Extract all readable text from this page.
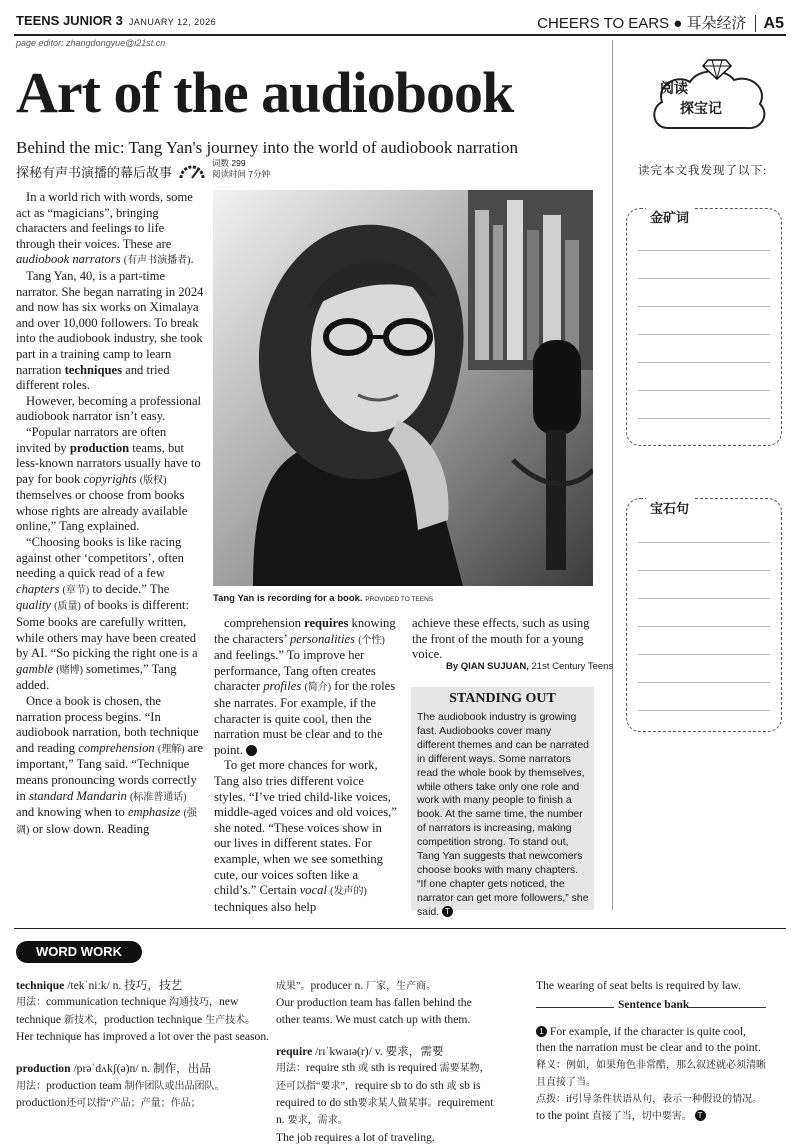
TEENS JUNIOR 3 JANUARY 12, 2026	CHEERS TO EARS ● 耳朵经济 A5
page editor: zhangdongyue@i21st.cn
Art of the audiobook
Behind the mic: Tang Yan's journey into the world of audiobook narration
探秘有声书演播的幕后故事
词数 299
阅读时间 7分钟

In a world rich with words, some act as “magicians”, bringing characters and feelings to life through their voices. These are audiobook narrators (有声书演播者).

Tang Yan, 40, is a part-time narrator. She began narrating in 2024 and now has six works on Ximalaya and over 10,000 followers. To break into the audiobook industry, she took part in a training camp to learn narration techniques and tried different roles.

However, becoming a professional audiobook narrator isn’t easy.

“Popular narrators are often invited by production teams, but less-known narrators usually have to pay for book copyrights (版权) themselves or choose from books whose rights are already available online,” Tang explained.

“Choosing books is like racing against other ‘competitors’, often needing a quick read of a few chapters (章节) to decide.” The quality (质量) of books is different: Some books are carefully written, while others may have been created by AI. “So picking the right one is a gamble (赌博) sometimes,” Tang added.

Once a book is chosen, the narration process begins. “In audiobook narration, both technique and reading comprehension (理解) are important,” Tang said. “Technique means pronouncing words correctly in standard Mandarin (标准普通话) and knowing when to emphasize (强调) or slow down. Reading

Tang Yan is recording for a book. PROVIDED TO TEENS

comprehension requires knowing the characters’ personalities (个性) and feelings.” To improve her performance, Tang often creates character profiles (简介) for the roles she narrates. For example, if the character is quite cool, then the narration must be clear and to the point. 1

To get more chances for work, Tang also tries different voice styles. “I’ve tried child-like voices, middle-aged voices and old voices,” she noted. “These voices show in our lives in different states. For example, when we see something cute, our voices soften like a child’s.” Certain vocal (发声的) techniques also help

achieve these effects, such as using the front of the mouth for a young voice.

By QIAN SUJUAN, 21st Century Teens
STANDING OUT
The audiobook industry is growing fast. Audiobooks cover many different themes and can be narrated in different ways. Some narrators read the whole book by themselves, while others take only one role and work with many people to finish a book. At the same time, the number of narrators is increasing, making competition strong. To stand out, Tang Yan suggests that newcomers choose books with many chapters. “If one chapter gets noticed, the narrator can get more followers,” she said. T
阅读
探宝记
读完本文我发现了以下:
金矿词
宝石句
WORD WORK
technique /tekˈniːk/ n. 技巧，技艺
用法：communication technique 沟通技巧，new technique 新技术，production technique 生产技术。
Her technique has improved a lot over the past season.

production /prəˈdʌkʃ(ə)n/ n. 制作，出品
用法：production team 制作团队或出品团队。production还可以指“产品；产量；作品；
成果”。producer n. 厂家，生产商。
Our production team has fallen behind the other teams. We must catch up with them.

require /rɪˈkwaɪə(r)/ v. 要求，需要
用法：require sth 或 sth is required 需要某物，还可以指“要求”，require sb to do sth 或 sb is required to do sth要求某人做某事。requirement n. 要求，需求。
The job requires a lot of traveling.
The wearing of seat belts is required by law.
Sentence bank
1 For example, if the character is quite cool, then the narration must be clear and to the point.
释义：例如，如果角色非常酷，那么叙述就必须清晰且直接了当。
点拨：if引导条件状语从句，表示一种假设的情况。to the point 直接了当，切中要害。 T
